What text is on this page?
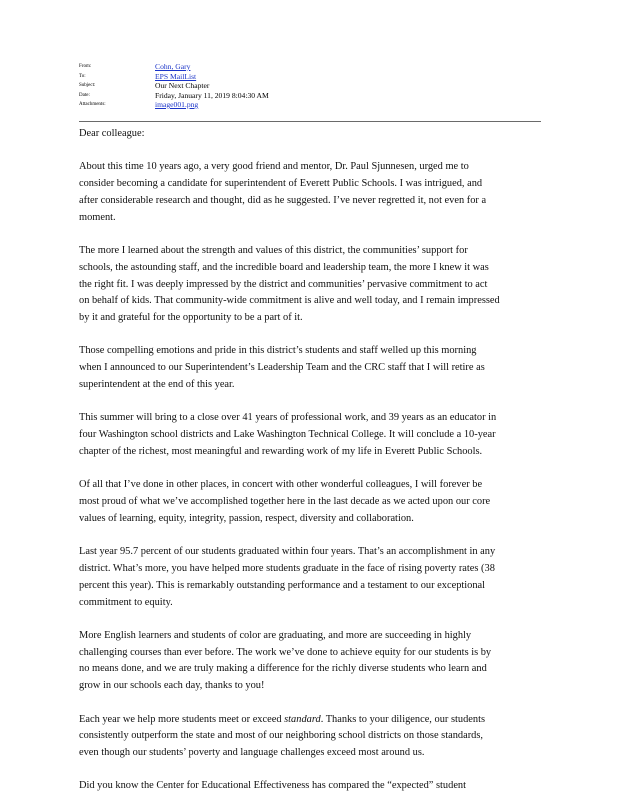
From:	Cohn, Gary
To:	EPS MailList
Subject:	Our Next Chapter
Date:	Friday, January 11, 2019 8:04:30 AM
Attachments:	image001.png

Dear colleague:

About this time 10 years ago, a very good friend and mentor, Dr. Paul Sjunnesen, urged me to
consider becoming a candidate for superintendent of Everett Public Schools. I was intrigued, and
after considerable research and thought, did as he suggested. I’ve never regretted it, not even for a
moment.

The more I learned about the strength and values of this district, the communities’ support for
schools, the astounding staff, and the incredible board and leadership team, the more I knew it was
the right fit. I was deeply impressed by the district and communities’ pervasive commitment to act
on behalf of kids. That community-wide commitment is alive and well today, and I remain impressed
by it and grateful for the opportunity to be a part of it.

Those compelling emotions and pride in this district’s students and staff welled up this morning
when I announced to our Superintendent’s Leadership Team and the CRC staff that I will retire as
superintendent at the end of this year.

This summer will bring to a close over 41 years of professional work, and 39 years as an educator in
four Washington school districts and Lake Washington Technical College. It will conclude a 10-year
chapter of the richest, most meaningful and rewarding work of my life in Everett Public Schools.

Of all that I’ve done in other places, in concert with other wonderful colleagues, I will forever be
most proud of what we’ve accomplished together here in the last decade as we acted upon our core
values of learning, equity, integrity, passion, respect, diversity and collaboration.

Last year 95.7 percent of our students graduated within four years. That’s an accomplishment in any
district. What’s more, you have helped more students graduate in the face of rising poverty rates (38
percent this year). This is remarkably outstanding performance and a testament to our exceptional
commitment to equity.

More English learners and students of color are graduating, and more are succeeding in highly
challenging courses than ever before. The work we’ve done to achieve equity for our students is by
no means done, and we are truly making a difference for the richly diverse students who learn and
grow in our schools each day, thanks to you!

Each year we help more students meet or exceed standard. Thanks to your diligence, our students
consistently outperform the state and most of our neighboring school districts on those standards,
even though our students’ poverty and language challenges exceed most around us.

Did you know the Center for Educational Effectiveness has compared the “expected” student
